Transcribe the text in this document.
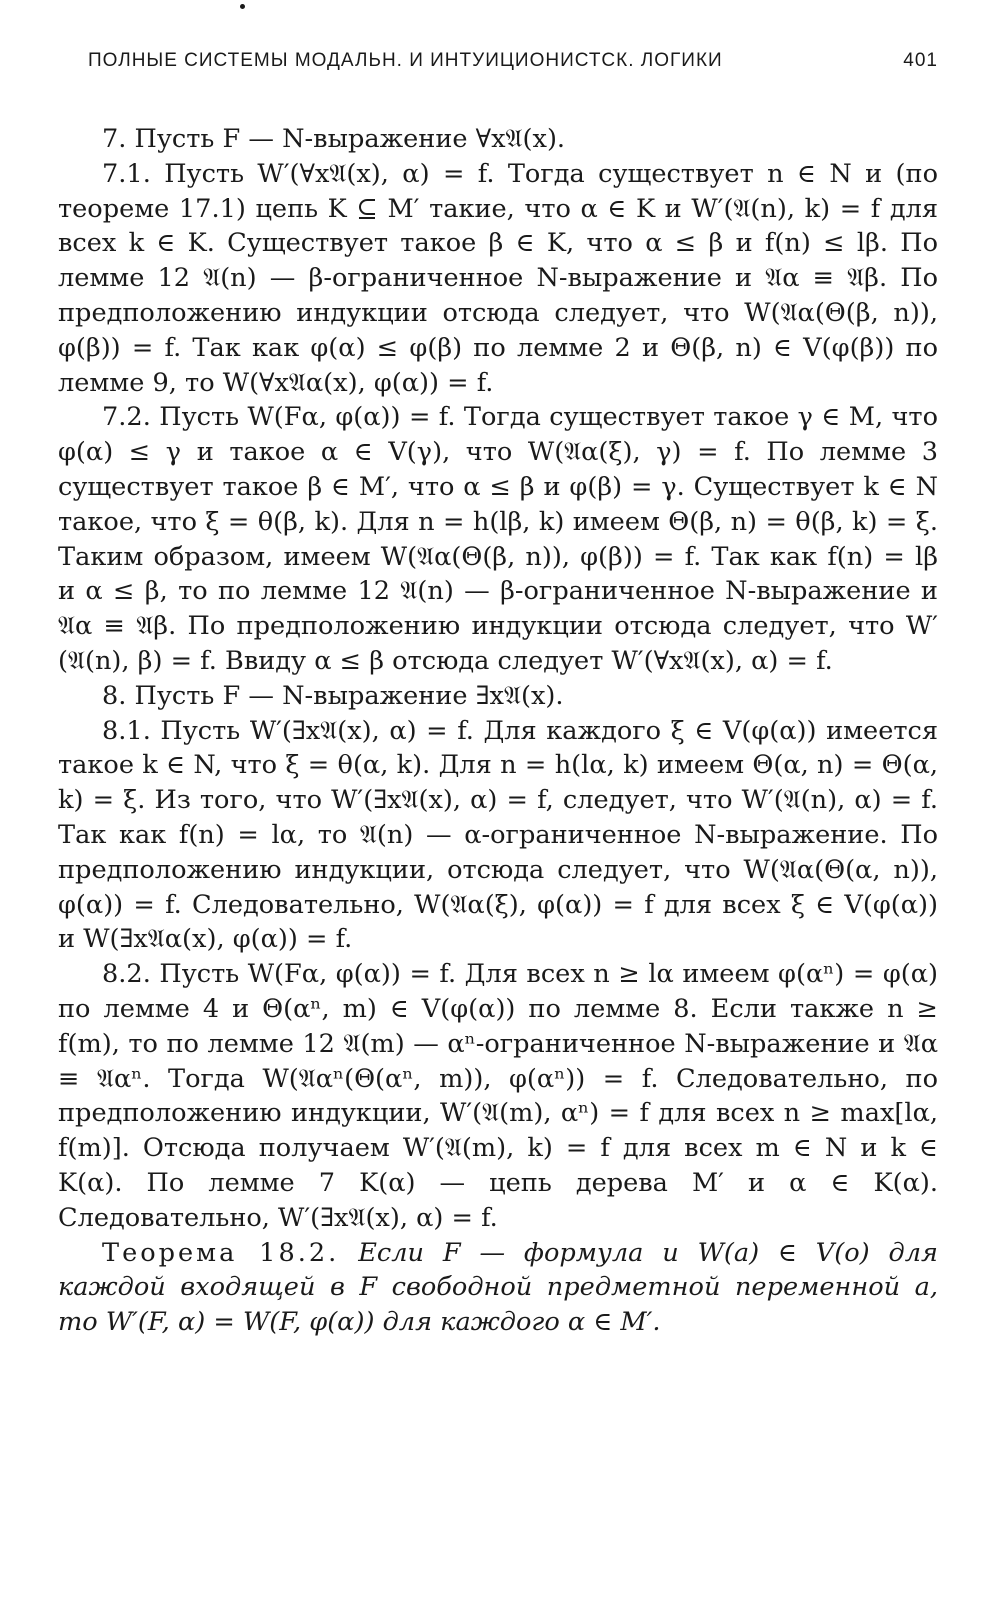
ПОЛНЫЕ СИСТЕМЫ МОДАЛЬН. И ИНТУИЦИОНИСТСК. ЛОГИКИ	401

7. Пусть F — N-выражение ∀x𝔄(x).

7.1. Пусть W′(∀x𝔄(x), α) = f. Тогда существует n ∈ N и (по теореме 17.1) цепь K ⊆ M′ такие, что α ∈ K и W′(𝔄(n), k) = f для всех k ∈ K. Существует такое β ∈ K, что α ≤ β и f(n) ≤ lβ. По лемме 12 𝔄(n) — β-ограниченное N-выражение и 𝔄α ≡ 𝔄β. По предположению индукции отсюда следует, что W(𝔄α(Θ(β, n)), φ(β)) = f. Так как φ(α) ≤ φ(β) по лемме 2 и Θ(β, n) ∈ V(φ(β)) по лемме 9, то W(∀x𝔄α(x), φ(α)) = f.

7.2. Пусть W(Fα, φ(α)) = f. Тогда существует такое γ ∈ M, что φ(α) ≤ γ и такое α ∈ V(γ), что W(𝔄α(ξ), γ) = f. По лемме 3 существует такое β ∈ M′, что α ≤ β и φ(β) = γ. Существует k ∈ N такое, что ξ = θ(β, k). Для n = h(lβ, k) имеем Θ(β, n) = θ(β, k) = ξ. Таким образом, имеем W(𝔄α(Θ(β, n)), φ(β)) = f. Так как f(n) = lβ и α ≤ β, то по лемме 12 𝔄(n) — β-ограниченное N-выражение и 𝔄α ≡ 𝔄β. По предположению индукции отсюда следует, что W′(𝔄(n), β) = f. Ввиду α ≤ β отсюда следует W′(∀x𝔄(x), α) = f.

8. Пусть F — N-выражение ∃x𝔄(x).

8.1. Пусть W′(∃x𝔄(x), α) = f. Для каждого ξ ∈ V(φ(α)) имеется такое k ∈ N, что ξ = θ(α, k). Для n = h(lα, k) имеем Θ(α, n) = Θ(α, k) = ξ. Из того, что W′(∃x𝔄(x), α) = f, следует, что W′(𝔄(n), α) = f. Так как f(n) = lα, то 𝔄(n) — α-ограниченное N-выражение. По предположению индукции, отсюда следует, что W(𝔄α(Θ(α, n)), φ(α)) = f. Следовательно, W(𝔄α(ξ), φ(α)) = f для всех ξ ∈ V(φ(α)) и W(∃x𝔄α(x), φ(α)) = f.

8.2. Пусть W(Fα, φ(α)) = f. Для всех n ≥ lα имеем φ(αⁿ) = φ(α) по лемме 4 и Θ(αⁿ, m) ∈ V(φ(α)) по лемме 8. Если также n ≥ f(m), то по лемме 12 𝔄(m) — αⁿ-ограниченное N-выражение и 𝔄α ≡ 𝔄αⁿ. Тогда W(𝔄αⁿ(Θ(αⁿ, m)), φ(αⁿ)) = f. Следовательно, по предположению индукции, W′(𝔄(m), αⁿ) = f для всех n ≥ max[lα, f(m)]. Отсюда получаем W′(𝔄(m), k) = f для всех m ∈ N и k ∈ K(α). По лемме 7 K(α) — цепь дерева M′ и α ∈ K(α). Следовательно, W′(∃x𝔄(x), α) = f.

Теорема 18.2. Если F — формула и W(a) ∈ V(o) для каждой входящей в F свободной предметной переменной a, то W′(F, α) = W(F, φ(α)) для каждого α ∈ M′.
